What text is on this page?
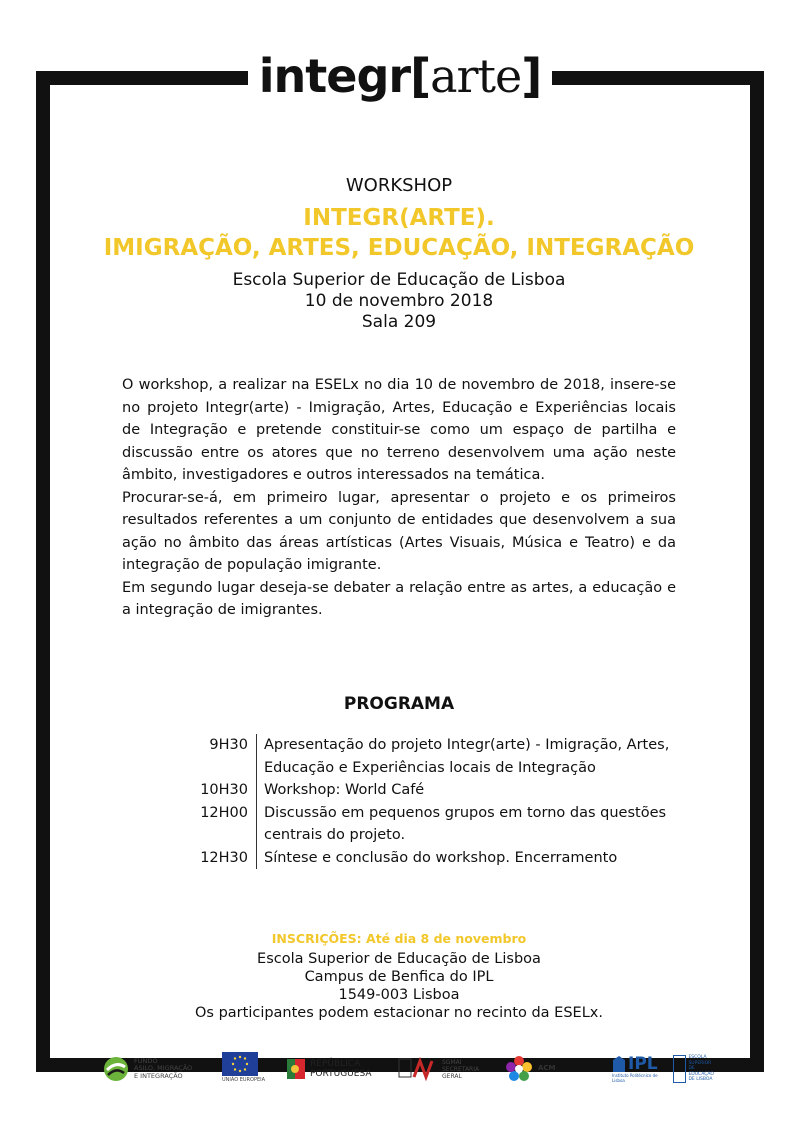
integr[arte]
WORKSHOP
INTEGR(ARTE).
IMIGRAÇÃO, ARTES, EDUCAÇÃO, INTEGRAÇÃO
Escola Superior de Educação de Lisboa
10 de novembro 2018
Sala 209

O workshop, a realizar na ESELx no dia 10 de novembro de 2018, insere-se no projeto Integr(arte) - Imigração, Artes, Educação e Experiências locais de Integração e pretende constituir-se como um espaço de partilha e discussão entre os atores que no terreno desenvolvem uma ação neste âmbito, investigadores e outros interessados na temática.

Procurar-se-á, em primeiro lugar, apresentar o projeto e os primeiros resultados referentes a um conjunto de entidades que desenvolvem a sua ação no âmbito das áreas artísticas (Artes Visuais, Música e Teatro) e da integração de população imigrante.

Em segundo lugar deseja-se debater a relação entre as artes, a educação e a integração de imigrantes.

PROGRAMA
9H30	Apresentação do projeto Integr(arte) - Imigração, Artes, Educação e Experiências locais de Integração
10H30	Workshop: World Café
12H00	Discussão em pequenos grupos em torno das questões centrais do projeto.
12H30	Síntese e conclusão do workshop. Encerramento
INSCRIÇÕES: Até dia 8 de novembro
Escola Superior de Educação de Lisboa
Campus de Benfica do IPL
1549-003 Lisboa
Os participantes podem estacionar no recinto da ESELx.
FUNDO
ASILO, MIGRAÇÃO
E INTEGRAÇÃO
UNIÃO EUROPEIA
REPÚBLICA
PORTUGUESA
SGMAI
SECRETARIA
GERAL
ACM	IPL
Instituto Politécnico de Lisboa
ESCOLA
SUPERIOR
DE EDUCAÇÃO
DE LISBOA
